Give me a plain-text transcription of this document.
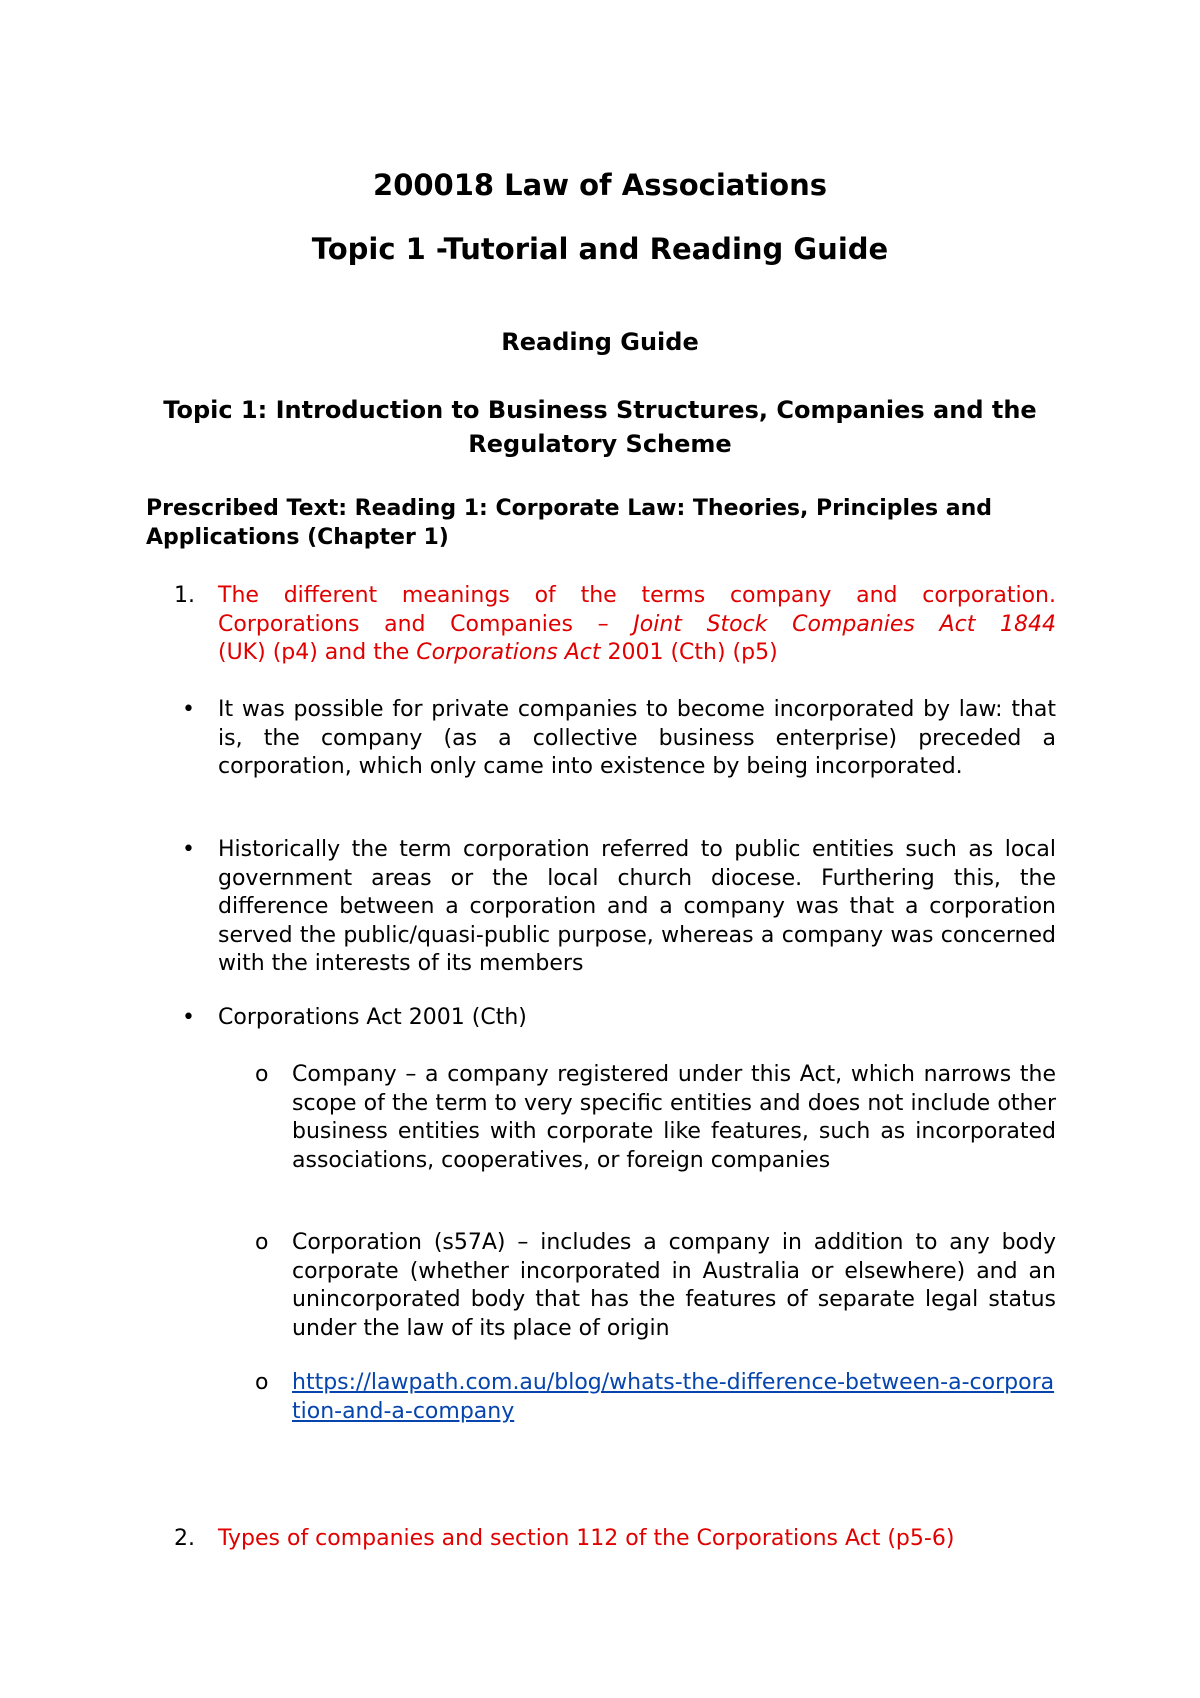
200018 Law of Associations
Topic 1 -Tutorial and Reading Guide
Reading Guide
Topic 1: Introduction to Business Structures, Companies and the Regulatory Scheme
Prescribed Text: Reading 1: Corporate Law: Theories, Principles and Applications (Chapter 1)
1. The different meanings of the terms company and corporation.
Corporations and Companies – Joint Stock Companies Act 1844
(UK) (p4) and the Corporations Act 2001 (Cth) (p5)
• It was possible for private companies to become incorporated by law: that is, the company (as a collective business enterprise) preceded a corporation, which only came into existence by being incorporated.
• Historically the term corporation referred to public entities such as local government areas or the local church diocese. Furthering this, the difference between a corporation and a company was that a corporation served the public/quasi-public purpose, whereas a company was concerned with the interests of its members
• Corporations Act 2001 (Cth)
o Company – a company registered under this Act, which narrows the scope of the term to very specific entities and does not include other business entities with corporate like features, such as incorporated associations, cooperatives, or foreign companies
o Corporation (s57A) – includes a company in addition to any body corporate (whether incorporated in Australia or elsewhere) and an unincorporated body that has the features of separate legal status under the law of its place of origin
o https://lawpath.com.au/blog/whats-the-difference-between-a-corporation-and-a-company
2. Types of companies and section 112 of the Corporations Act (p5-6)
